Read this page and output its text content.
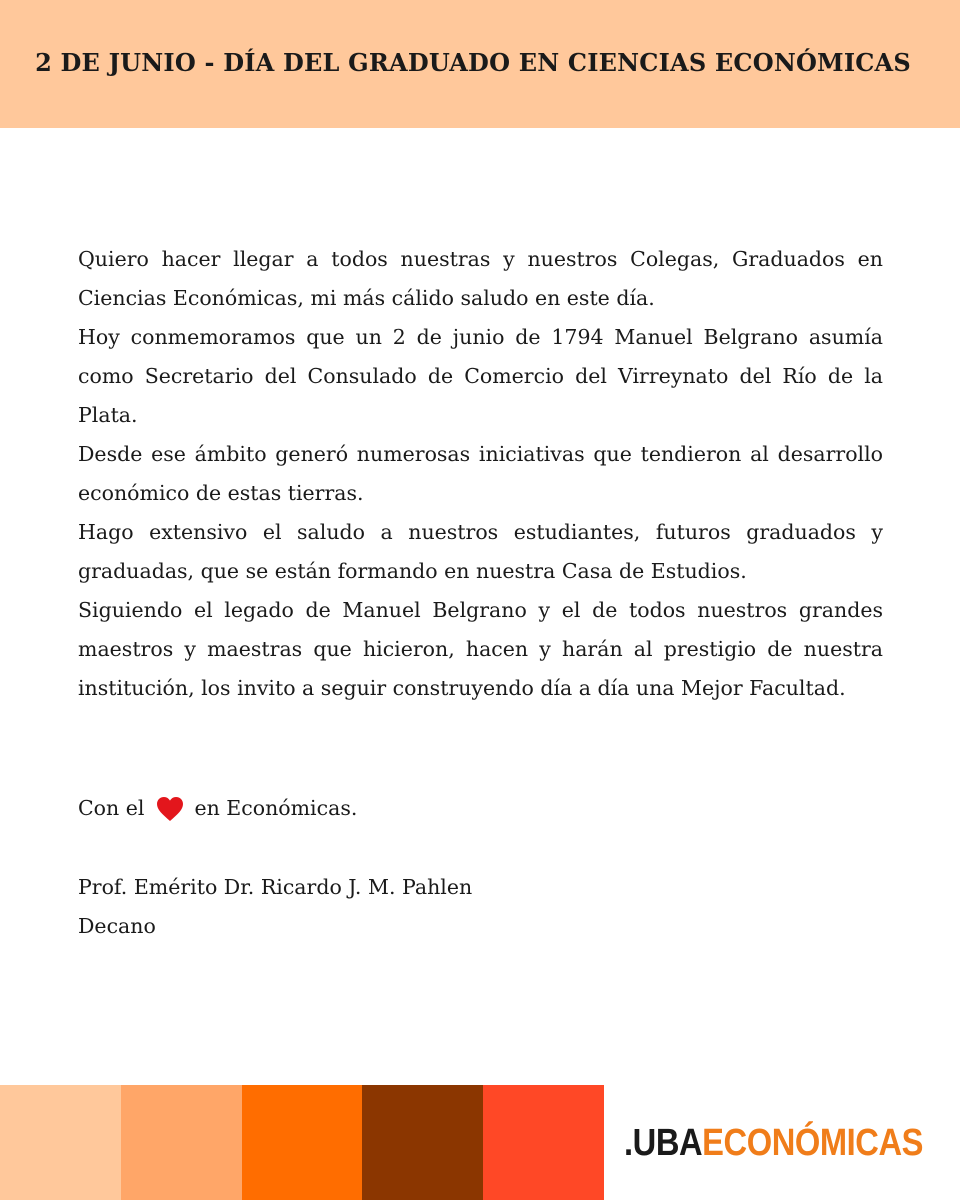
2 DE JUNIO - DÍA DEL GRADUADO EN CIENCIAS ECONÓMICAS

Quiero hacer llegar a todos nuestras y nuestros Colegas, Graduados en Ciencias Económicas, mi más cálido saludo en este día.

Hoy conmemoramos que un 2 de junio de 1794 Manuel Belgrano asumía como Secretario del Consulado de Comercio del Virreynato del Río de la Plata.

Desde ese ámbito generó numerosas iniciativas que tendieron al desarrollo económico de estas tierras.

Hago extensivo el saludo a nuestros estudiantes, futuros graduados y graduadas, que se están formando en nuestra Casa de Estudios.

Siguiendo el legado de Manuel Belgrano y el de todos nuestros grandes maestros y maestras que hicieron, hacen y harán al prestigio de nuestra institución, los invito a seguir construyendo día a día una Mejor Facultad.

Con el en Económicas.
Prof. Emérito Dr. Ricardo J. M. Pahlen
Decano
.UBAECONÓMICAS
